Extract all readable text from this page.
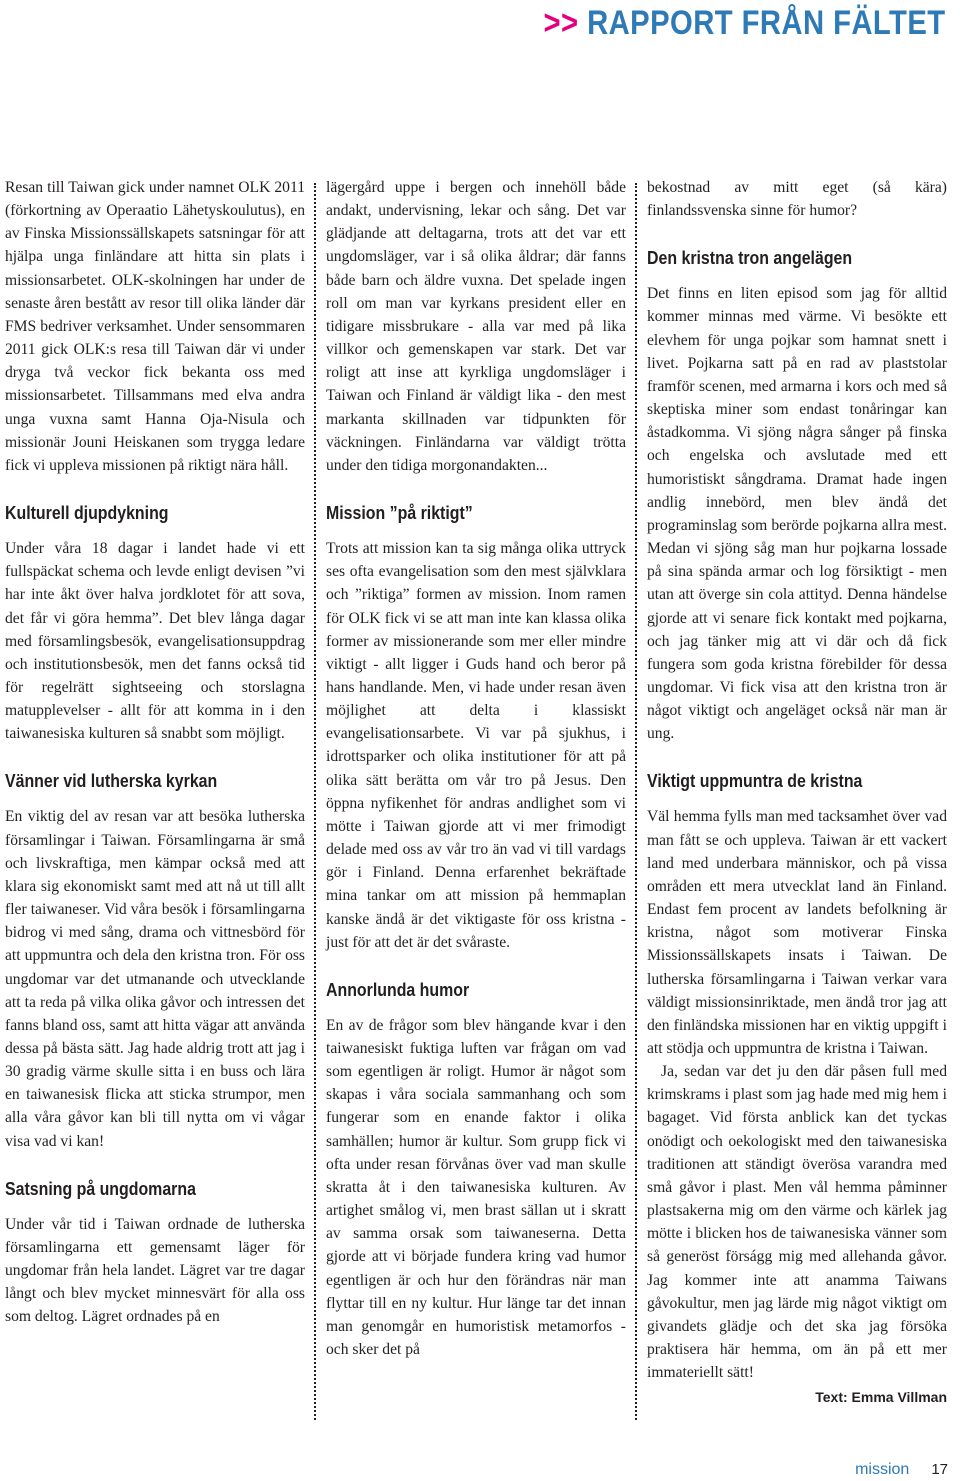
>> RAPPORT FRÅN FÄLTET

Resan till Taiwan gick under namnet OLK 2011 (förkortning av Operaatio Lähetyskoulutus), en av Finska Missionssällskapets satsningar för att hjälpa unga finländare att hitta sin plats i missionsarbetet. OLK-skolningen har under de senaste åren bestått av resor till olika länder där FMS bedriver verksamhet. Under sensommaren 2011 gick OLK:s resa till Taiwan där vi under dryga två veckor fick bekanta oss med missionsarbetet. Tillsammans med elva andra unga vuxna samt Hanna Oja-Nisula och missionär Jouni Heiskanen som trygga ledare fick vi uppleva missionen på riktigt nära håll.

Kulturell djupdykning

Under våra 18 dagar i landet hade vi ett fullspäckat schema och levde enligt devisen ”vi har inte åkt över halva jordklotet för att sova, det får vi göra hemma”. Det blev långa dagar med församlingsbesök, evangelisationsuppdrag och institutionsbesök, men det fanns också tid för regelrätt sightseeing och storslagna matupplevelser - allt för att komma in i den taiwanesiska kulturen så snabbt som möjligt.

Vänner vid lutherska kyrkan

En viktig del av resan var att besöka lutherska församlingar i Taiwan. Församlingarna är små och livskraftiga, men kämpar också med att klara sig ekonomiskt samt med att nå ut till allt fler taiwaneser. Vid våra besök i församlingarna bidrog vi med sång, drama och vittnesbörd för att uppmuntra och dela den kristna tron. För oss ungdomar var det utmanande och utvecklande att ta reda på vilka olika gåvor och intressen det fanns bland oss, samt att hitta vägar att använda dessa på bästa sätt. Jag hade aldrig trott att jag i 30 gradig värme skulle sitta i en buss och lära en taiwanesisk flicka att sticka strumpor, men alla våra gåvor kan bli till nytta om vi vågar visa vad vi kan!

Satsning på ungdomarna

Under vår tid i Taiwan ordnade de lutherska församlingarna ett gemensamt läger för ungdomar från hela landet. Lägret var tre dagar långt och blev mycket minnesvärt för alla oss som deltog. Lägret ordnades på en

lägergård uppe i bergen och innehöll både andakt, undervisning, lekar och sång. Det var glädjande att deltagarna, trots att det var ett ungdomsläger, var i så olika åldrar; där fanns både barn och äldre vuxna. Det spelade ingen roll om man var kyrkans president eller en tidigare missbrukare - alla var med på lika villkor och gemenskapen var stark. Det var roligt att inse att kyrkliga ungdomsläger i Taiwan och Finland är väldigt lika - den mest markanta skillnaden var tidpunkten för väckningen. Finländarna var väldigt trötta under den tidiga morgonandakten...

Mission ”på riktigt”

Trots att mission kan ta sig många olika uttryck ses ofta evangelisation som den mest självklara och ”riktiga” formen av mission. Inom ramen för OLK fick vi se att man inte kan klassa olika former av missionerande som mer eller mindre viktigt - allt ligger i Guds hand och beror på hans handlande. Men, vi hade under resan även möjlighet att delta i klassiskt evangelisationsarbete. Vi var på sjukhus, i idrottsparker och olika institutioner för att på olika sätt berätta om vår tro på Jesus. Den öppna nyfikenhet för andras andlighet som vi mötte i Taiwan gjorde att vi mer frimodigt delade med oss av vår tro än vad vi till vardags gör i Finland. Denna erfarenhet bekräftade mina tankar om att mission på hemmaplan kanske ändå är det viktigaste för oss kristna - just för att det är det svåraste.

Annorlunda humor

En av de frågor som blev hängande kvar i den taiwanesiskt fuktiga luften var frågan om vad som egentligen är roligt. Humor är något som skapas i våra sociala sammanhang och som fungerar som en enande faktor i olika samhällen; humor är kultur. Som grupp fick vi ofta under resan förvånas över vad man skulle skratta åt i den taiwanesiska kulturen. Av artighet smålog vi, men brast sällan ut i skratt av samma orsak som taiwaneserna. Detta gjorde att vi började fundera kring vad humor egentligen är och hur den förändras när man flyttar till en ny kultur. Hur länge tar det innan man genomgår en humoristisk metamorfos - och sker det på

bekostnad av mitt eget (så kära) finlandssvenska sinne för humor?

Den kristna tron angelägen

Det finns en liten episod som jag för alltid kommer minnas med värme. Vi besökte ett elevhem för unga pojkar som hamnat snett i livet. Pojkarna satt på en rad av plaststolar framför scenen, med armarna i kors och med så skeptiska miner som endast tonåringar kan åstadkomma. Vi sjöng några sånger på finska och engelska och avslutade med ett humoristiskt sångdrama. Dramat hade ingen andlig innebörd, men blev ändå det programinslag som berörde pojkarna allra mest. Medan vi sjöng såg man hur pojkarna lossade på sina spända armar och log försiktigt - men utan att överge sin cola attityd. Denna händelse gjorde att vi senare fick kontakt med pojkarna, och jag tänker mig att vi där och då fick fungera som goda kristna förebilder för dessa ungdomar. Vi fick visa att den kristna tron är något viktigt och angeläget också när man är ung.

Viktigt uppmuntra de kristna

Väl hemma fylls man med tacksamhet över vad man fått se och uppleva. Taiwan är ett vackert land med underbara människor, och på vissa områden ett mera utvecklat land än Finland. Endast fem procent av landets befolkning är kristna, något som motiverar Finska Missionssällskapets insats i Taiwan. De lutherska församlingarna i Taiwan verkar vara väldigt missionsinriktade, men ändå tror jag att den finländska missionen har en viktig uppgift i att stödja och uppmuntra de kristna i Taiwan.

Ja, sedan var det ju den där påsen full med krimskrams i plast som jag hade med mig hem i bagaget. Vid första anblick kan det tyckas onödigt och oekologiskt med den taiwanesiska traditionen att ständigt överösa varandra med små gåvor i plast. Men vål hemma påminner plastsakerna mig om den värme och kärlek jag mötte i blicken hos de taiwanesiska vänner som så generöst förságg mig med allehanda gåvor. Jag kommer inte att anamma Taiwans gåvokultur, men jag lärde mig något viktigt om givandets glädje och det ska jag försöka praktisera här hemma, om än på ett mer immateriellt sätt!

Text: Emma Villman
mission 17
